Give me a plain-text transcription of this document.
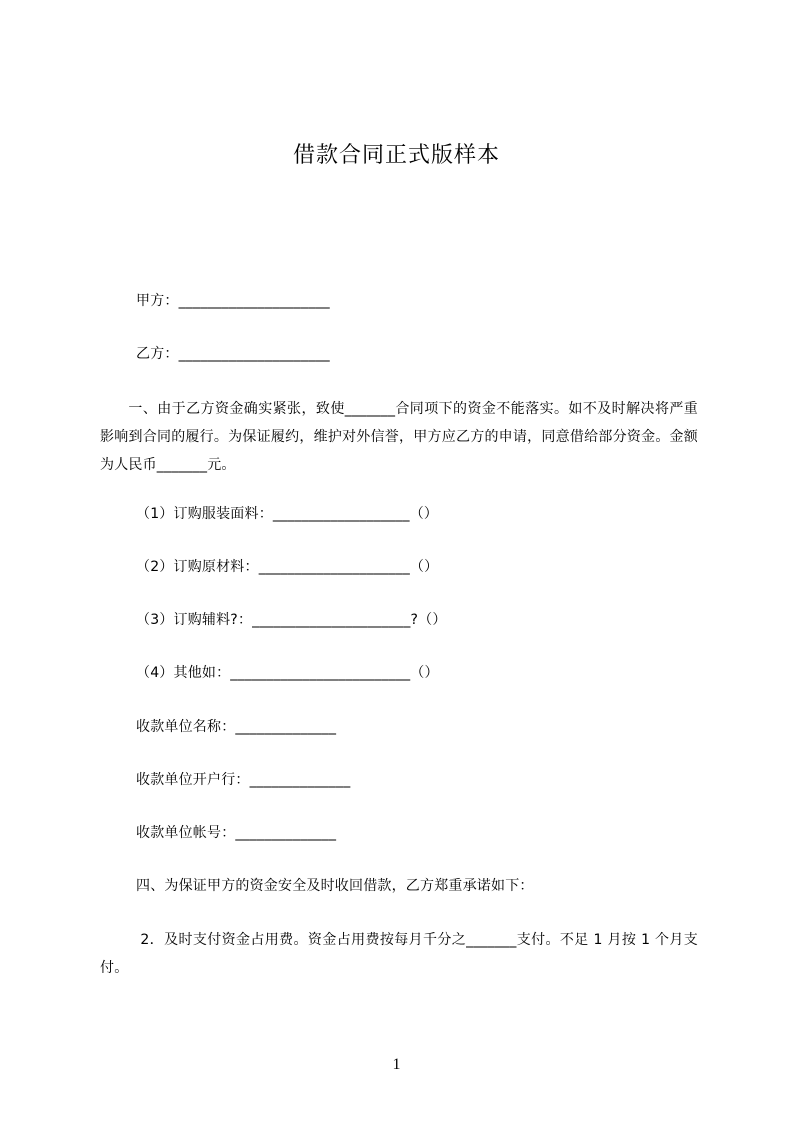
借款合同正式版样本
甲方：_____________________
乙方：_____________________
　一、由于乙方资金确实紧张，致使_______合同项下的资金不能落实。如不及时解决将严重影响到合同的履行。为保证履约，维护对外信誉，甲方应乙方的申请，同意借给部分资金。金额为人民币_______元。
（1）订购服装面料：___________________（）
（2）订购原材料：_____________________（）
（3）订购辅料?：______________________?（）
（4）其他如：_________________________（）
收款单位名称：______________
收款单位开户行：______________
收款单位帐号：______________
四、为保证甲方的资金安全及时收回借款，乙方郑重承诺如下：
　2．及时支付资金占用费。资金占用费按每月千分之_______支付。不足 1 月按 1 个月支付。
1
